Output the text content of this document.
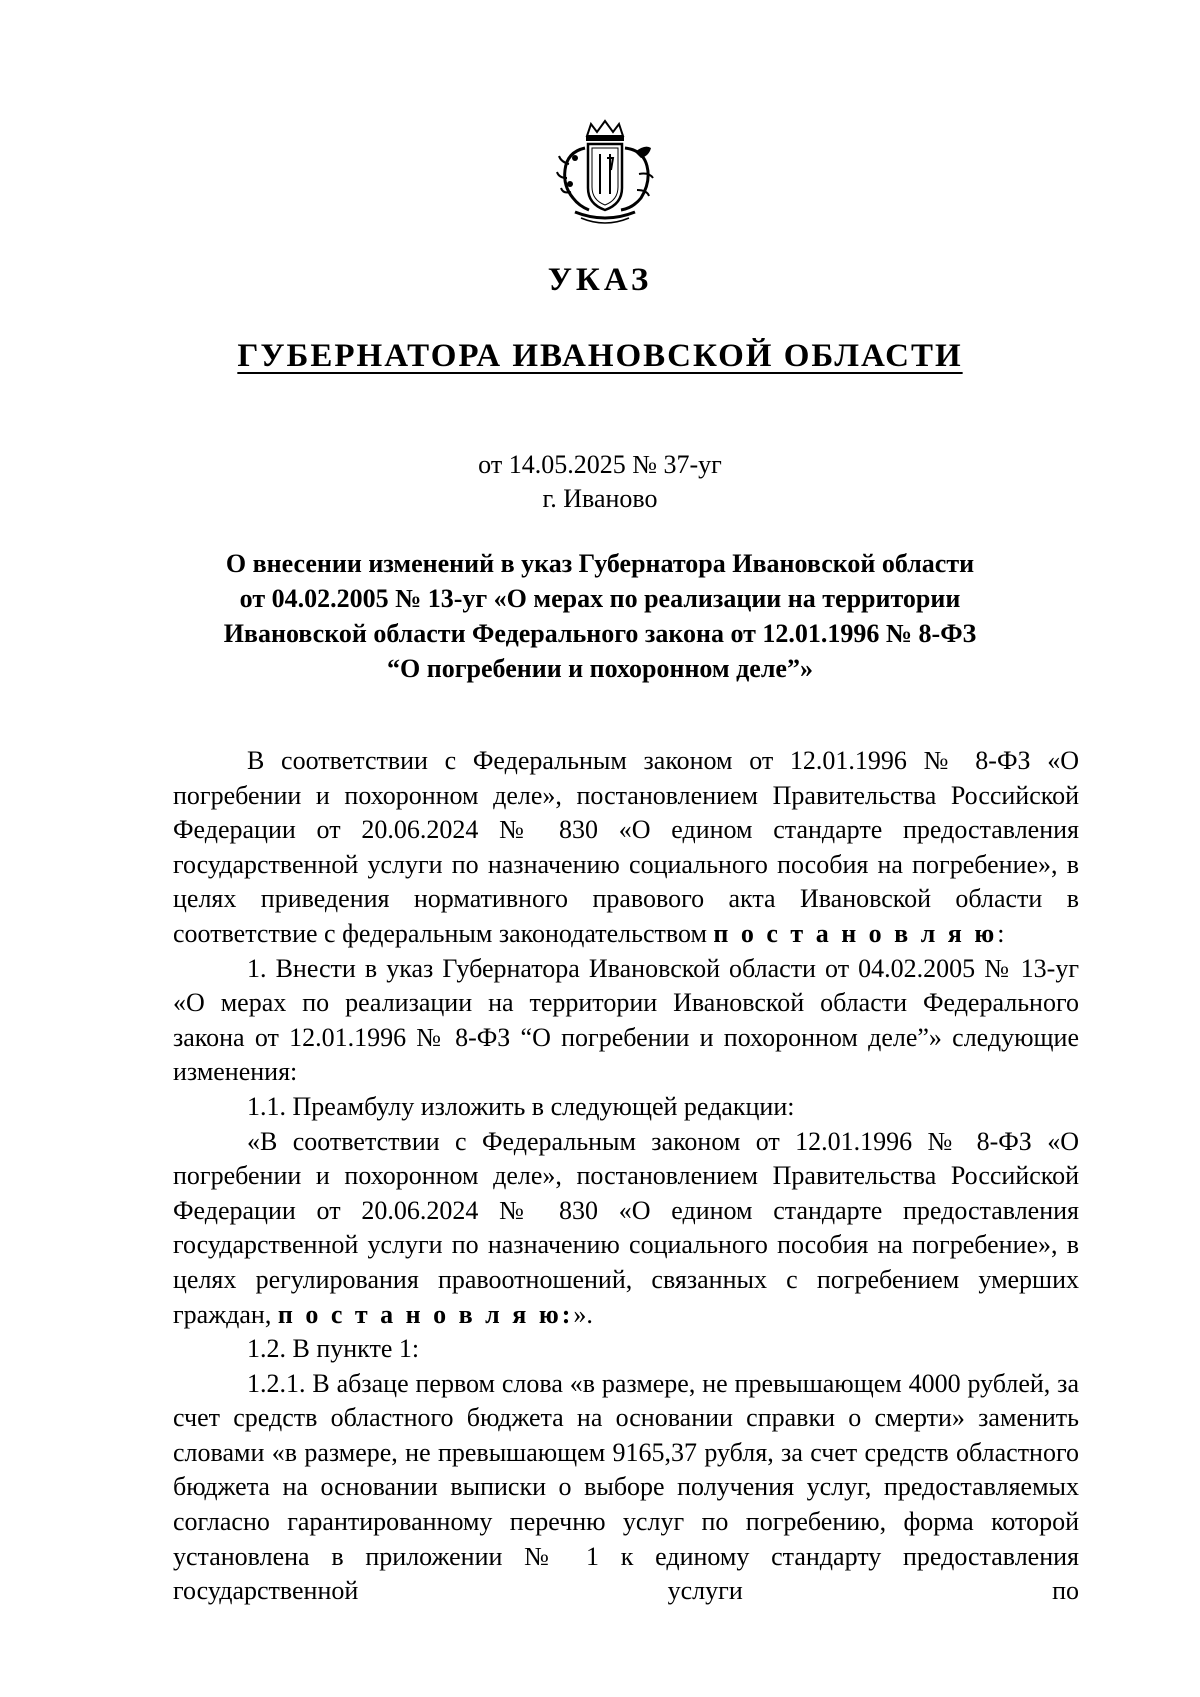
УКАЗ
ГУБЕРНАТОРА ИВАНОВСКОЙ ОБЛАСТИ
от 14.05.2025 № 37-уг
г. Иваново
О внесении изменений в указ Губернатора Ивановской области
от 04.02.2005 № 13-уг «О мерах по реализации на территории
Ивановской области Федерального закона от 12.01.1996 № 8-ФЗ
“О погребении и похоронном деле”»

В соответствии с Федеральным законом от 12.01.1996 № 8-ФЗ «О погребении и похоронном деле», постановлением Правительства Российской Федерации от 20.06.2024 № 830 «О едином стандарте предоставления государственной услуги по назначению социального пособия на погребение», в целях приведения нормативного правового акта Ивановской области в соответствие с федеральным законодательством п о с т а н о в л я ю:

1. Внести в указ Губернатора Ивановской области от 04.02.2005 № 13-уг «О мерах по реализации на территории Ивановской области Федерального закона от 12.01.1996 № 8-ФЗ “О погребении и похоронном деле”» следующие изменения:

1.1. Преамбулу изложить в следующей редакции:

«В соответствии с Федеральным законом от 12.01.1996 № 8-ФЗ «О погребении и похоронном деле», постановлением Правительства Российской Федерации от 20.06.2024 № 830 «О едином стандарте предоставления государственной услуги по назначению социального пособия на погребение», в целях регулирования правоотношений, связанных с погребением умерших граждан, п о с т а н о в л я ю:».

1.2. В пункте 1:

1.2.1. В абзаце первом слова «в размере, не превышающем 4000 рублей, за счет средств областного бюджета на основании справки о смерти» заменить словами «в размере, не превышающем 9165,37 рубля, за счет средств областного бюджета на основании выписки о выборе получения услуг, предоставляемых согласно гарантированному перечню услуг по погребению, форма которой установлена в приложении № 1 к единому стандарту предоставления государственной услуги по
